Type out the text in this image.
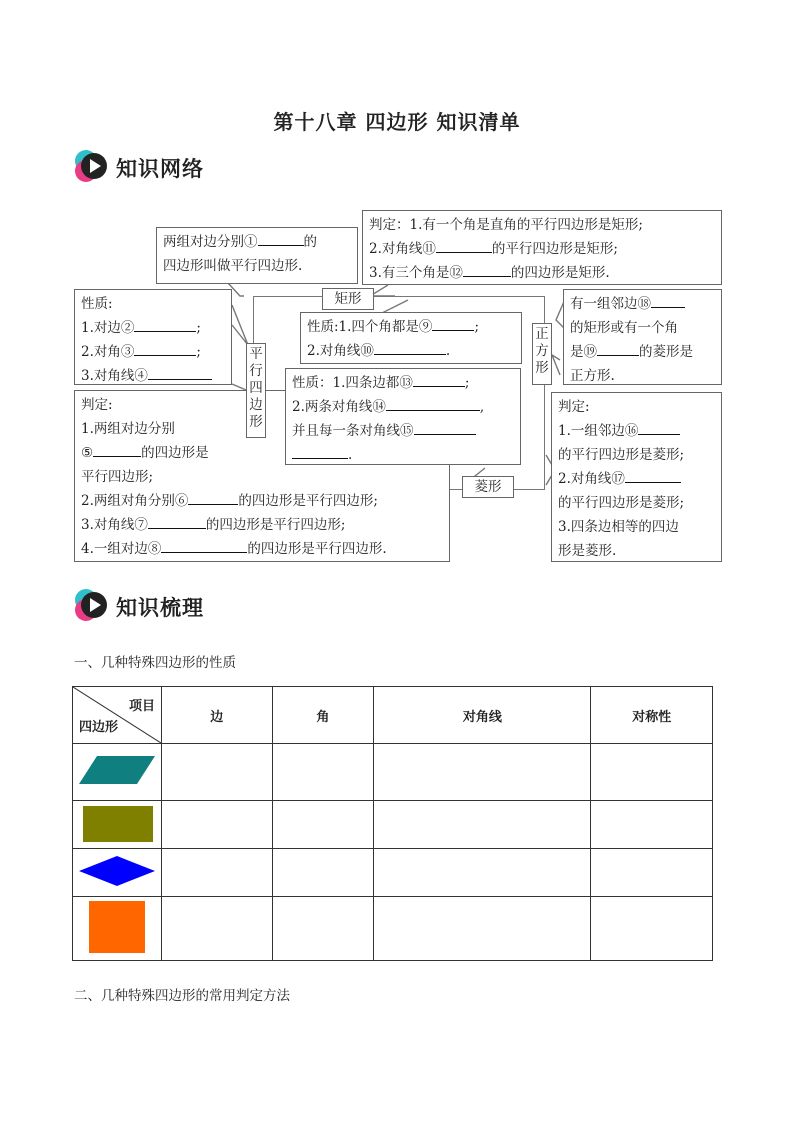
第十八章 四边形 知识清单
知识网络
两组对边分别①	的
四边形叫做平行四边形.
判定：1.有一个角是直角的平行四边形是矩形;
2.对角线⑪	的平行四边形是矩形;
3.有三个角是⑫	的四边形是矩形.
性质:
1.对边②	;
2.对角③	;
3.对角线④
判定:
1.两组对边分别
⑤	的四边形是
平行四边形;
2.两组对角分别⑥	的四边形是平行四边形;
3.对角线⑦	的四边形是平行四边形;
4.一组对边⑧	的四边形是平行四边形.
平
行
四
边
形
矩形
性质:1.四个角都是⑨	;
2.对角线⑩	.
性质：1.四条边都⑬	;
2.两条对角线⑭	,
并且每一条对角线⑮
.
菱形
正
方
形
有一组邻边⑱
的矩形或有一个角
是⑲	的菱形是
正方形.
判定:
1.一组邻边⑯
的平行四边形是菱形;
2.对角线⑰
的平行四边形是菱形;
3.四条边相等的四边
形是菱形.
知识梳理
一、几种特殊四边形的性质
项目
四边形	边	角	对角线	对称性

二、几种特殊四边形的常用判定方法
